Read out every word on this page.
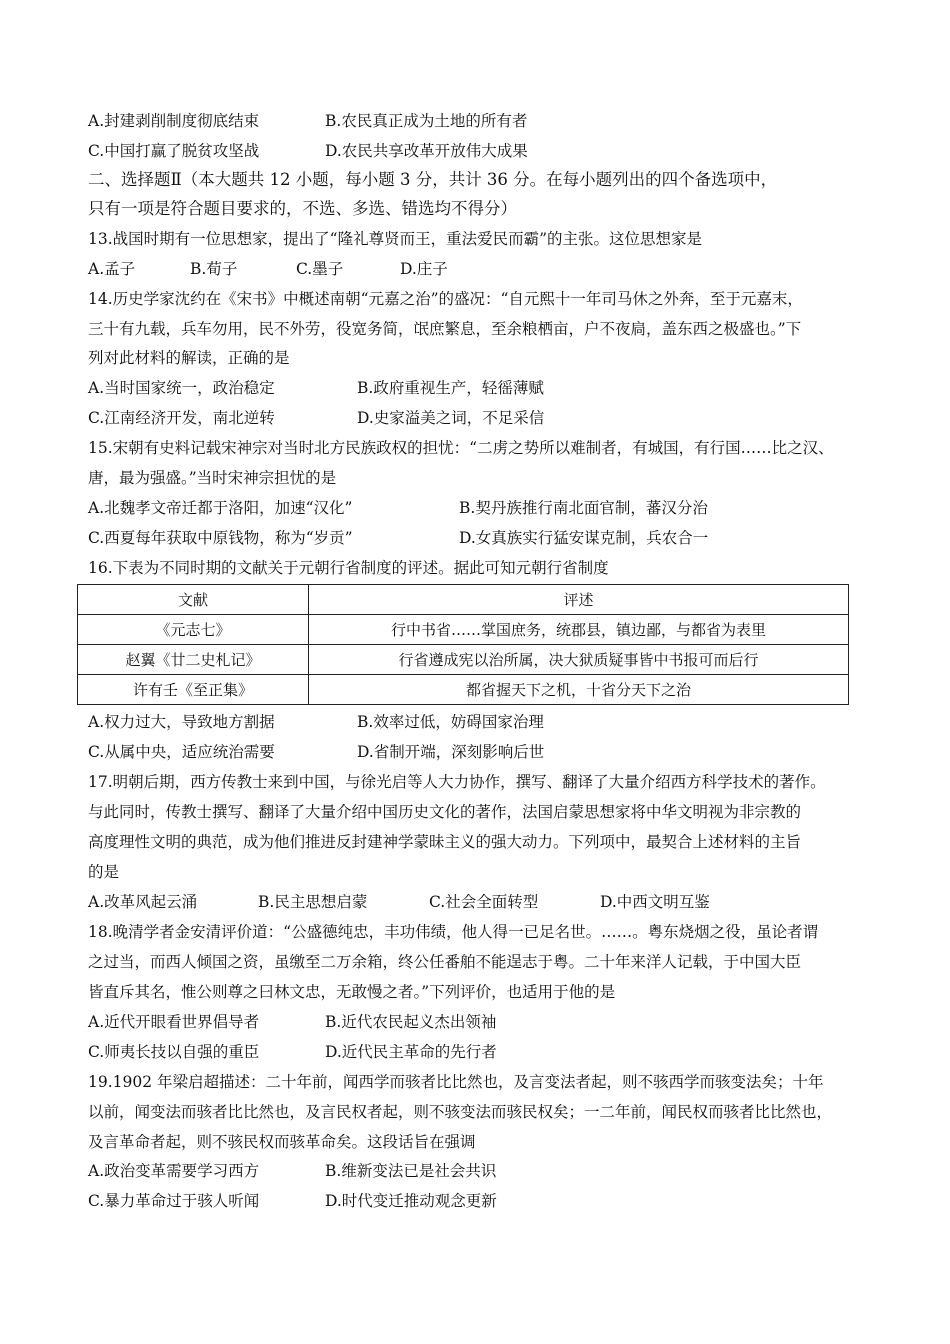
A.封建剥削制度彻底结束	B.农民真正成为土地的所有者
C.中国打赢了脱贫攻坚战	D.农民共享改革开放伟大成果
二、选择题Ⅱ（本大题共 12 小题，每小题 3 分，共计 36 分。在每小题列出的四个备选项中，
只有一项是符合题目要求的，不选、多选、错选均不得分）
13.战国时期有一位思想家，提出了“隆礼尊贤而王，重法爱民而霸”的主张。这位思想家是
A.孟子	B.荀子	C.墨子	D.庄子
14.历史学家沈约在《宋书》中概述南朝“元嘉之治”的盛况：“自元熙十一年司马休之外奔，至于元嘉末，
三十有九载，兵车勿用，民不外劳，役宽务简，氓庶繁息，至余粮栖亩，户不夜扃，盖东西之极盛也。”下
列对此材料的解读，正确的是
A.当时国家统一，政治稳定	B.政府重视生产，轻徭薄赋
C.江南经济开发，南北逆转	D.史家溢美之词，不足采信
15.宋朝有史料记载宋神宗对当时北方民族政权的担忧：“二虏之势所以难制者，有城国，有行国……比之汉、
唐，最为强盛。”当时宋神宗担忧的是
A.北魏孝文帝迁都于洛阳，加速“汉化”	B.契丹族推行南北面官制，蕃汉分治
C.西夏每年获取中原钱物，称为“岁贡”	D.女真族实行猛安谋克制，兵农合一
16.下表为不同时期的文献关于元朝行省制度的评述。据此可知元朝行省制度
文献	评述
《元志七》	行中书省……掌国庶务，统郡县，镇边鄙，与都省为表里
赵翼《廿二史札记》	行省遵成宪以治所属，决大狱质疑事皆中书报可而后行
许有壬《至正集》	都省握天下之机，十省分天下之治
A.权力过大，导致地方割据	B.效率过低，妨碍国家治理
C.从属中央，适应统治需要	D.省制开端，深刻影响后世
17.明朝后期，西方传教士来到中国，与徐光启等人大力协作，撰写、翻译了大量介绍西方科学技术的著作。
与此同时，传教士撰写、翻译了大量介绍中国历史文化的著作，法国启蒙思想家将中华文明视为非宗教的
高度理性文明的典范，成为他们推进反封建神学蒙昧主义的强大动力。下列项中，最契合上述材料的主旨
的是
A.改革风起云涌	B.民主思想启蒙	C.社会全面转型	D.中西文明互鉴
18.晚清学者金安清评价道：“公盛德纯忠，丰功伟绩，他人得一已足名世。……。粤东烧烟之役，虽论者谓
之过当，而西人倾国之资，虽缴至二万余箱，终公任番舶不能逞志于粤。二十年来洋人记载，于中国大臣
皆直斥其名，惟公则尊之曰林文忠，无敢慢之者。”下列评价，也适用于他的是
A.近代开眼看世界倡导者	B.近代农民起义杰出领袖
C.师夷长技以自强的重臣	D.近代民主革命的先行者
19.1902 年梁启超描述：二十年前，闻西学而骇者比比然也，及言变法者起，则不骇西学而骇变法矣；十年
以前，闻变法而骇者比比然也，及言民权者起，则不骇变法而骇民权矣；一二年前，闻民权而骇者比比然也，
及言革命者起，则不骇民权而骇革命矣。这段话旨在强调
A.政治变革需要学习西方	B.维新变法已是社会共识
C.暴力革命过于骇人听闻	D.时代变迁推动观念更新
